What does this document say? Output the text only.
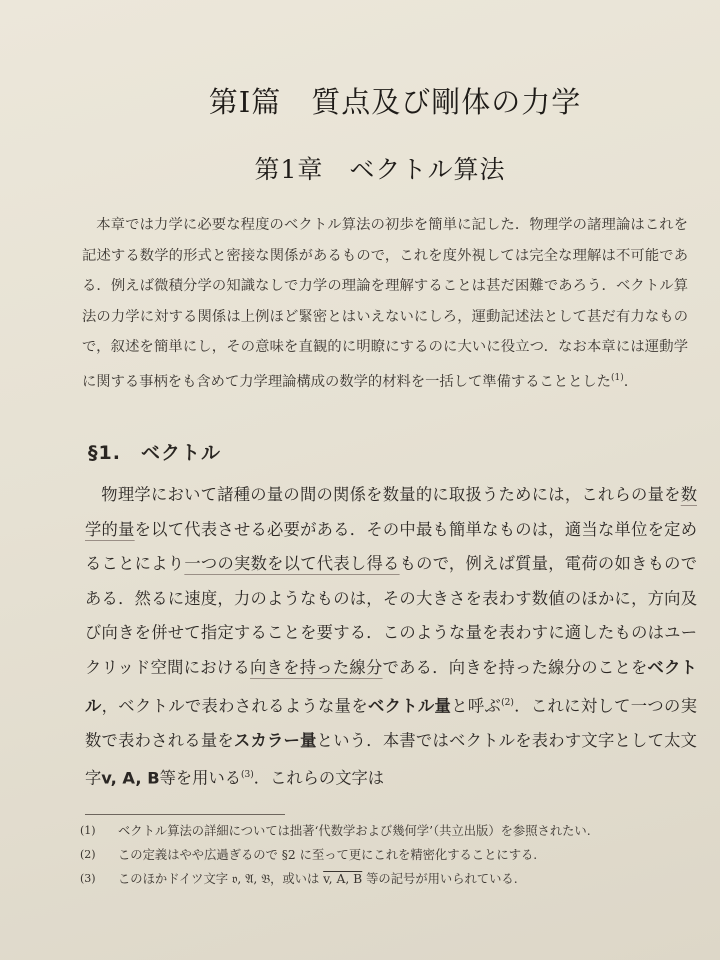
第Ⅰ篇　質点及び剛体の力学
第1章　ベクトル算法

本章では力学に必要な程度のベクトル算法の初歩を簡単に記した．物理学の諸理論はこれを記述する数学的形式と密接な関係があるもので，これを度外視しては完全な理解は不可能である．例えば微積分学の知識なしで力学の理論を理解することは甚だ困難であろう．ベクトル算法の力学に対する関係は上例ほど緊密とはいえないにしろ，運動記述法として甚だ有力なもので，叙述を簡単にし，その意味を直観的に明瞭にするのに大いに役立つ．なお本章には運動学に関する事柄をも含めて力学理論構成の数学的材料を一括して準備することとした$^{(1)}$.

§1.　ベクトル

物理学において諸種の量の間の関係を数量的に取扱うためには，これらの量を数学的量を以て代表させる必要がある．その中最も簡単なものは，適当な単位を定めることにより一つの実数を以て代表し得るもので，例えば質量，電荷の如きものである．然るに速度，力のようなものは，その大きさを表わす数値のほかに，方向及び向きを併せて指定することを要する．このような量を表わすに適したものはユークリッド空間における向きを持った線分である．向きを持った線分のことをベクトル，ベクトルで表わされるような量をベクトル量と呼ぶ$^{(2)}$．これに対して一つの実数で表わされる量をスカラー量という．本書ではベクトルを表わす文字として太文字v, A, B等を用いる$^{(3)}$．これらの文字は

(1)	ベクトル算法の詳細については拙著‘代数学および幾何学’（共立出版）を参照されたい.
(2)	この定義はやや広過ぎるので §2 に至って更にこれを精密化することにする.
(3)	このほかドイツ文字 𝔳, 𝔄, 𝔅，或いは v, A, B 等の記号が用いられている.
